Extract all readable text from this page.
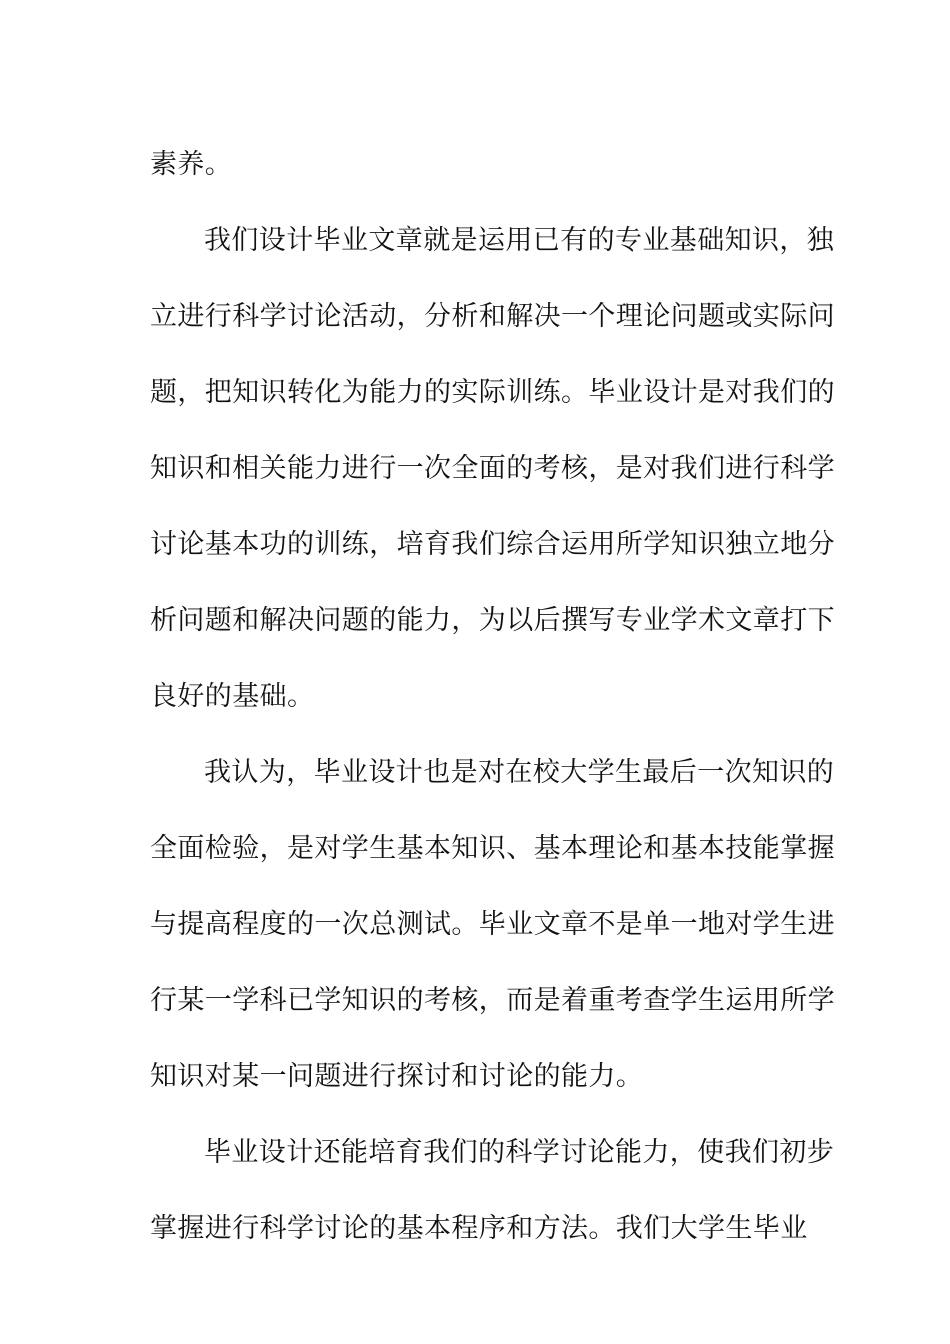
素养。

我们设计毕业文章就是运用已有的专业基础知识，独
立进行科学讨论活动，分析和解决一个理论问题或实际问
题，把知识转化为能力的实际训练。毕业设计是对我们的
知识和相关能力进行一次全面的考核，是对我们进行科学
讨论基本功的训练，培育我们综合运用所学知识独立地分
析问题和解决问题的能力，为以后撰写专业学术文章打下
良好的基础。

我认为，毕业设计也是对在校大学生最后一次知识的
全面检验，是对学生基本知识、基本理论和基本技能掌握
与提高程度的一次总测试。毕业文章不是单一地对学生进
行某一学科已学知识的考核，而是着重考查学生运用所学
知识对某一问题进行探讨和讨论的能力。

毕业设计还能培育我们的科学讨论能力，使我们初步
掌握进行科学讨论的基本程序和方法。我们大学生毕业
